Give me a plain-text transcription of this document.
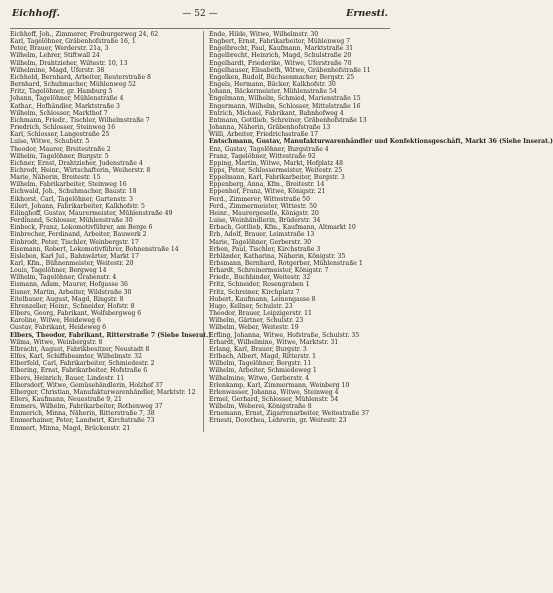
Eichhoff.	— 52 —	Ernesti.
Eichhoff, Joh., Zimmerer, Freiburgerweg 24, 62
Karl, Tagelöhner, Gräbenhofstraße 16, 1
Peter, Brauer, Werderstr. 21a, 3
Wilhelm, Lehrer, Stiftwall 24
Wilhelm, Drahtzieher, Wiltestr. 10, 13
Wilhelmine, Magd, Uferstr. 38
Eichhold, Bernhard, Arbeiter, Reuterstraße 8
Bernhard, Schuhmacher, Mühlenweg 52
Fritz, Tagelöhner, gr. Hamburg 5
Johann, Tagelöhner, Mühlenstraße 4
Kathar., Hofhändler, Marktstraße 3
Wilhelm, Schlosser, Markthof 7
Eichmann, Friedr., Tischler, Wilhelmstraße 7
Friedrich, Schlosser, Steinweg 16
Karl, Schlosser, Langestraße 25
Luise, Witwe, Schubstr. 5
Theodor, Maurer, Breitestraße 2
Wilhelm, Tagelöhner, Burgstr. 5
Eichner, Ernst, Drahtzieher, Judenstraße 4
Eichrodt, Heinr., Wirtschafterin, Weiherstr. 8
Marie, Näherin, Breitestr. 15
Wilhelm, Fabrikarbeiter, Steinweg 16
Eichwald, Joh., Schuhmacher, Baustr. 18
Eikhorst, Carl, Tagelöhner, Gartenstr. 3
Eilert, Johann, Fabrikarbeiter, Kalkhofstr. 5
Eilinghoff, Gustav, Maurermeister, Mühlenstraße 49
Ferdinand, Schlosser, Mühlenstraße 30
Einbeck, Franz, Lokomotivführer, am Berge 6
Einbrecher, Ferdinand, Arbeiter, Bauwerk 2
Einbrodt, Peter, Tischler, Weinbergstr. 17
Eisemann, Robert, Lokomotivführer, Bohnenstraße 14
Eisleben, Karl Jul., Bahnwärter, Markt 17
Karl, Kfm., Bühnenmeister, Weitestr. 20
Louis, Tagelöhner, Bergweg 14
Wilhelm, Tagelöhner, Grabenstr. 4
Eismann, Adam, Maurer, Hofgasse 36
Eisner, Martin, Arbeiter, Wildstraße 30
Eitelbauer, August, Magd, Ringstr. 8
Ehrenzeller, Heinr., Schneider, Hofstr. 8
Elbers, Georg, Fabrikant, Wolfsbergweg 6
Karoline, Witwe, Heideweg 6
Gustav, Fabrikant, Heideweg 6
Elbers, Theodor, Fabrikant, Ritterstraße 7 (Siehe Inserat.)
Wilma, Witwe, Weinbergstr. 8
Elbracht, August, Fabrikbesitzer, Neustadt 8
Elfes, Karl, Schiffsbeamter, Wilhelmstr. 32
Elberfeld, Carl, Fabrikarbeiter, Schmiedestr. 2
Elbering, Ernst, Fabrikarbeiter, Hofstraße 6
Elbers, Heinrich, Bauer, Lindestr. 11
Elbersdorf, Witwe, Gemüsehändlerin, Holzhof 37
Elberger, Christian, Manufakturwarenhändler, Marktstr. 12
Ellers, Kaufmann, Neuestraße 9, 21
Emmers, Wilhelm, Fabrikarbeiter, Rothenweg 37
Emmerich, Minna, Näherin, Ritterstraße 7, 38
Emmerhainer, Peter, Landwirt, Kirchstraße 73
Emmert, Minna, Magd, Brückenstr. 21
Ende, Hilde, Witwe, Wilhelmstr. 30
Engbert, Ernst, Fabrikarbeiter, Mühlenweg 7
Engelbrecht, Paul, Kaufmann, Marktstraße 31
Engelbrecht, Heinrich, Magd, Schulstraße 20
Engelhardt, Friederike, Witwe, Uferstraße 70
Engelhauser, Elisabeth, Witwe, Gräbenhofstraße 11
Engelken, Rudolf, Büchsenmacher, Bergstr. 25
Engels, Hermann, Bäcker, Kalkhofstr. 30
Johann, Bäckermeister, Mühlenstraße 54
Engelmann, Wilhelm, Schmied, Marienstraße 15
Engermann, Wilhelm, Schlosser, Mittelstraße 16
Entrich, Michael, Fabrikant, Bahnhofweg 4
Entmann, Gottlieb, Schreiner, Gräbenhofstraße 13
Johanna, Näherin, Gräbenhofstraße 13
Willi, Arbeiter, Friedrichsstraße 17
Entschmann, Gustav, Manufakturwarenhändler und Konfektionsgeschäft, Markt 36 (Siehe Inserat.)
Enz, Gustav, Tagelöhner, Burgstraße 4
Franz, Tagelöhner, Wittestraße 92
Epping, Martin, Witwe, Markt, Hofplatz 48
Epps, Peter, Schlossermeister, Weitestr. 25
Eppelmann, Karl, Fabrikarbeiter, Burgstr. 3
Eppenberg, Anna, Kfm., Breitestr. 14
Eppenhof, Franz, Witwe, Königstr. 21
Ferd., Zimmerer, Wittestraße 50
Ferd., Zimmermeister, Wittestr. 50
Heinr., Maurergeselle, Königstr. 20
Luise, Weinhändlerin, Brüderstr. 34
Erbach, Gottlieb, Kfm., Kaufmann, Altmarkt 10
Erb, Adolf, Brauer, Leimstraße 13
Marie, Tagelöhner, Gerberstr. 30
Erben, Paul, Tischler, Kirchstraße 3
Erbländer, Katharina, Näherin, Königstr. 35
Erbsmann, Bernhard, Rotgerber, Mühlenstraße 1
Erhardt, Schreinermeister, Königstr. 7
Friedr., Buchbinder, Weitestr. 32
Fritz, Schneider, Rosengraben 1
Fritz, Schreiner, Kirchplatz 7
Hubert, Kaufmann, Leinengasse 8
Hugo, Kellner, Schulstr. 23
Theodor, Brauer, Leipzigerstr. 11
Wilhelm, Gärtner, Schulstr. 23
Wilhelm, Weber, Weitestr. 19
Erfling, Johanna, Witwe, Hofstraße, Schulstr. 35
Erhardt, Wilhelmine, Witwe, Marktstr. 31
Erlang, Karl, Brauer, Burgstr. 3
Erlbach, Albert, Magd, Ritterstr. 1
Wilhelm, Tagelöhner, Bergstr. 11
Wilhelm, Arbeiter, Schmiedeweg 1
Wilhelmine, Witwe, Gerberstr. 4
Erlenkamp, Karl, Zimmermann, Weinberg 10
Erlenwasser, Johanna, Witwe, Steinweg 4
Ermel, Gerhard, Schlosser, Mühlenstr. 54
Wilhelm, Weberei, Königstraße 8
Ernemann, Ernst, Zigarrenarbeiter, Weitestraße 37
Ernesti, Dorothea, Lehrerin, gr. Weitestr. 23
